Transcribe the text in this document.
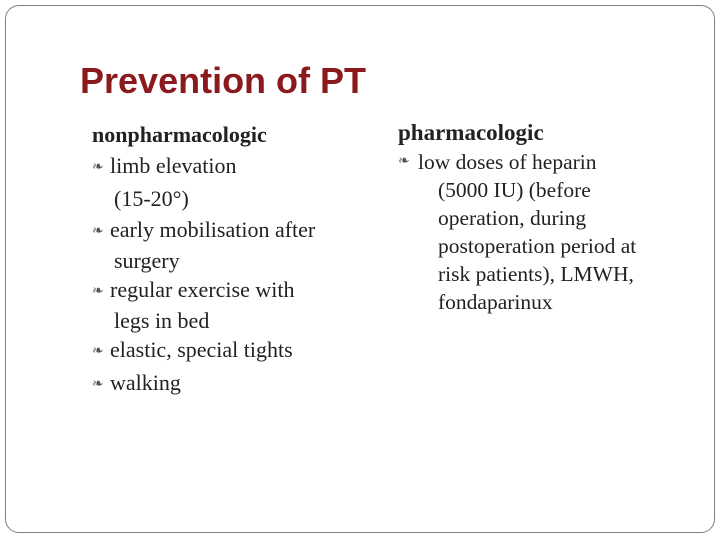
Prevention of PT
nonpharmacologic
❧ limb elevation
(15-20°)
❧ early mobilisation after
surgery
❧ regular exercise with
legs in bed
❧ elastic, special tights
❧ walking
pharmacologic
❧ low doses of heparin
(5000 IU) (before
operation, during
postoperation period at
risk patients), LMWH,
fondaparinux
